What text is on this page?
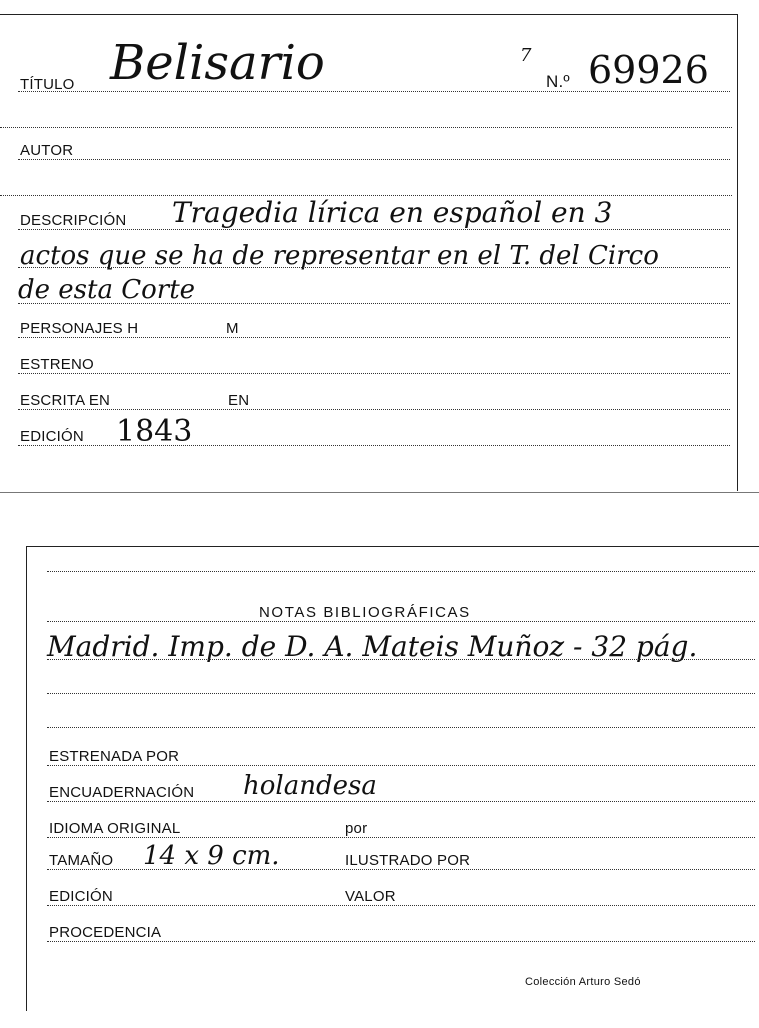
TÍTULO Belisario	7
N.º 69926
AUTOR
DESCRIPCIÓN Tragedia lírica en español en 3
actos que se ha de representar en el T. del Circo
de esta Corte
PERSONAJES H	M
ESTRENO
ESCRITA EN	EN
EDICIÓN 1843
NOTAS BIBLIOGRÁFICAS
Madrid. Imp. de D. A. Mateis Muñoz - 32 pág.
ESTRENADA POR
ENCUADERNACIÓN holandesa
IDIOMA ORIGINAL	por
TAMAÑO 14 x 9 cm.	ILUSTRADO POR
EDICIÓN	VALOR
PROCEDENCIA
Colección Arturo Sedó
